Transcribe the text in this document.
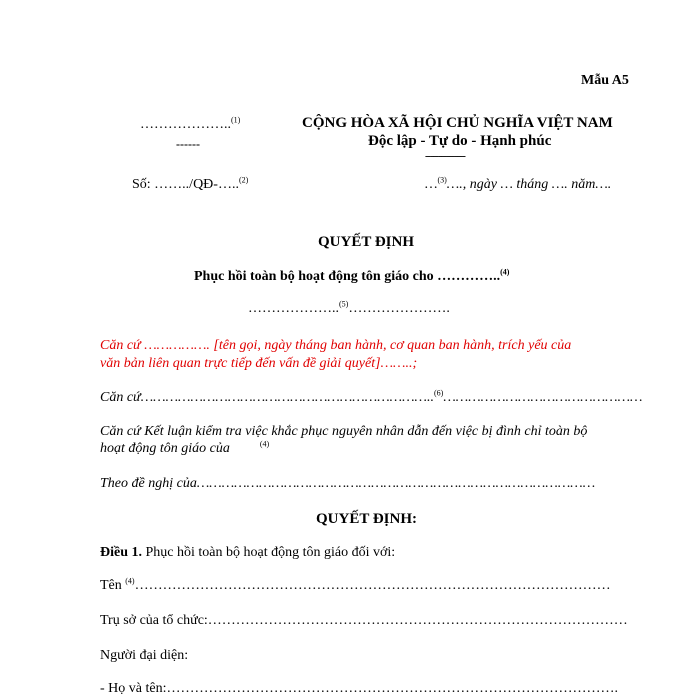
Mẫu A5
………………..$^{(1)}$
------
CỘNG HÒA XÃ HỘI CHỦ NGHĨA VIỆT NAM
Độc lập - Tự do - Hạnh phúc
---------------
Số: ……../QĐ-…..$^{(2)}$	…$^{(3)}$…., ngày … tháng …. năm….
QUYẾT ĐỊNH
Phục hồi toàn bộ hoạt động tôn giáo cho …………..$^{(4)}$
………………..$^{(5)}$………………….
Căn cứ ……………. [tên gọi, ngày tháng ban hành, cơ quan ban hành, trích yếu của
văn bản liên quan trực tiếp đến vấn đề giải quyết]……..;
Căn cứ……………………………………………………………..$^{(6)}$…………………………………………
Căn cứ Kết luận kiểm tra việc khắc phục nguyên nhân dẫn đến việc bị đình chỉ toàn bộ
hoạt động tôn giáo của	$^{(4)}$
Theo đề nghị của……………………………………………………………………………………
QUYẾT ĐỊNH:
Điều 1. Phục hồi toàn bộ hoạt động tôn giáo đối với:
Tên $^{(4)}$…………………………………………………………………………………………
Trụ sở của tổ chức:………………………………………………………………………………
Người đại diện:
- Họ và tên:…………………………………………………………………………………….
